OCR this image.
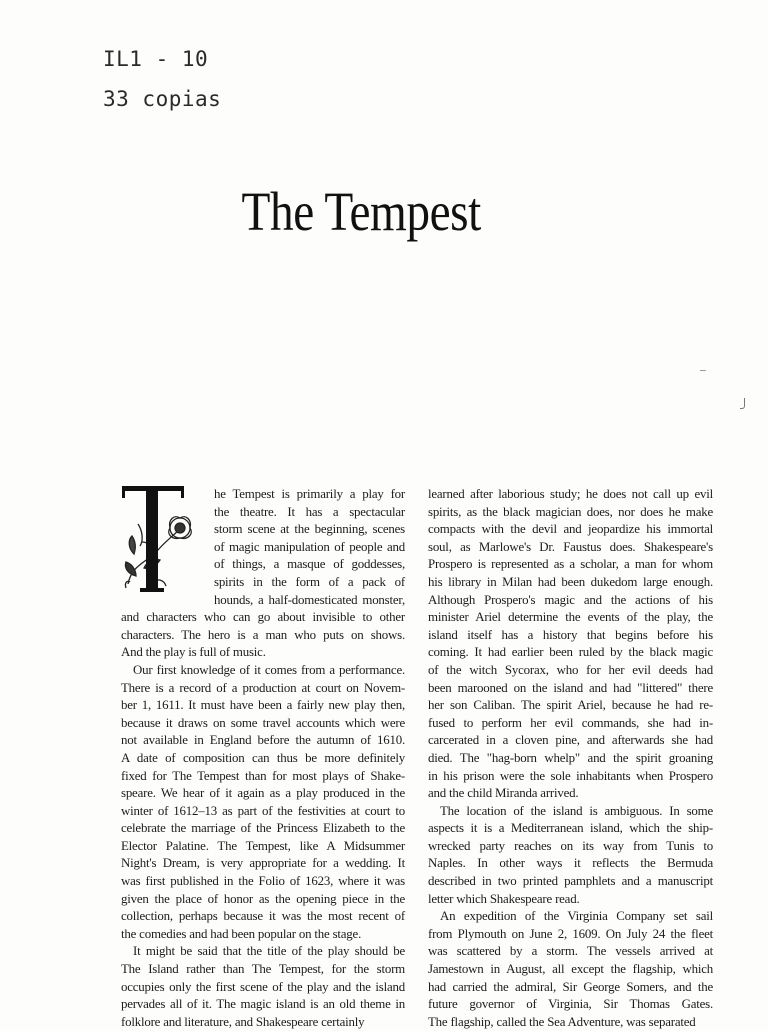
IL1 - 10
33 copias
The Tempest
T
he Tempest is primarily a play for
the theatre. It has a spectacular
storm scene at the beginning, scenes
of magic manipulation of people and
of things, a masque of goddesses,
spirits in the form of a pack of
hounds, a half-domesticated monster,
and characters who can go about invisible to other
characters. The hero is a man who puts on shows.
And the play is full of music.
Our first knowledge of it comes from a performance.
There is a record of a production at court on Novem-
ber 1, 1611. It must have been a fairly new play then,
because it draws on some travel accounts which were
not available in England before the autumn of 1610.
A date of composition can thus be more definitely
fixed for The Tempest than for most plays of Shake-
speare. We hear of it again as a play produced in the
winter of 1612–13 as part of the festivities at court to
celebrate the marriage of the Princess Elizabeth to the
Elector Palatine. The Tempest, like A Midsummer
Night's Dream, is very appropriate for a wedding. It
was first published in the Folio of 1623, where it was
given the place of honor as the opening piece in the
collection, perhaps because it was the most recent of
the comedies and had been popular on the stage.
It might be said that the title of the play should be
The Island rather than The Tempest, for the storm
occupies only the first scene of the play and the island
pervades all of it. The magic island is an old theme in
folklore and literature, and Shakespeare certainly
learned after laborious study; he does not call up evil
spirits, as the black magician does, nor does he make
compacts with the devil and jeopardize his immortal
soul, as Marlowe's Dr. Faustus does. Shakespeare's
Prospero is represented as a scholar, a man for whom
his library in Milan had been dukedom large enough.
Although Prospero's magic and the actions of his
minister Ariel determine the events of the play, the
island itself has a history that begins before his
coming. It had earlier been ruled by the black magic
of the witch Sycorax, who for her evil deeds had
been marooned on the island and had "littered" there
her son Caliban. The spirit Ariel, because he had re-
fused to perform her evil commands, she had in-
carcerated in a cloven pine, and afterwards she had
died. The "hag-born whelp" and the spirit groaning
in his prison were the sole inhabitants when Prospero
and the child Miranda arrived.
The location of the island is ambiguous. In some
aspects it is a Mediterranean island, which the ship-
wrecked party reaches on its way from Tunis to
Naples. In other ways it reflects the Bermuda
described in two printed pamphlets and a manuscript
letter which Shakespeare read.
An expedition of the Virginia Company set sail
from Plymouth on June 2, 1609. On July 24 the fleet
was scattered by a storm. The vessels arrived at
Jamestown in August, all except the flagship, which
had carried the admiral, Sir George Somers, and the
future governor of Virginia, Sir Thomas Gates.
The flagship, called the Sea Adventure, was separated
